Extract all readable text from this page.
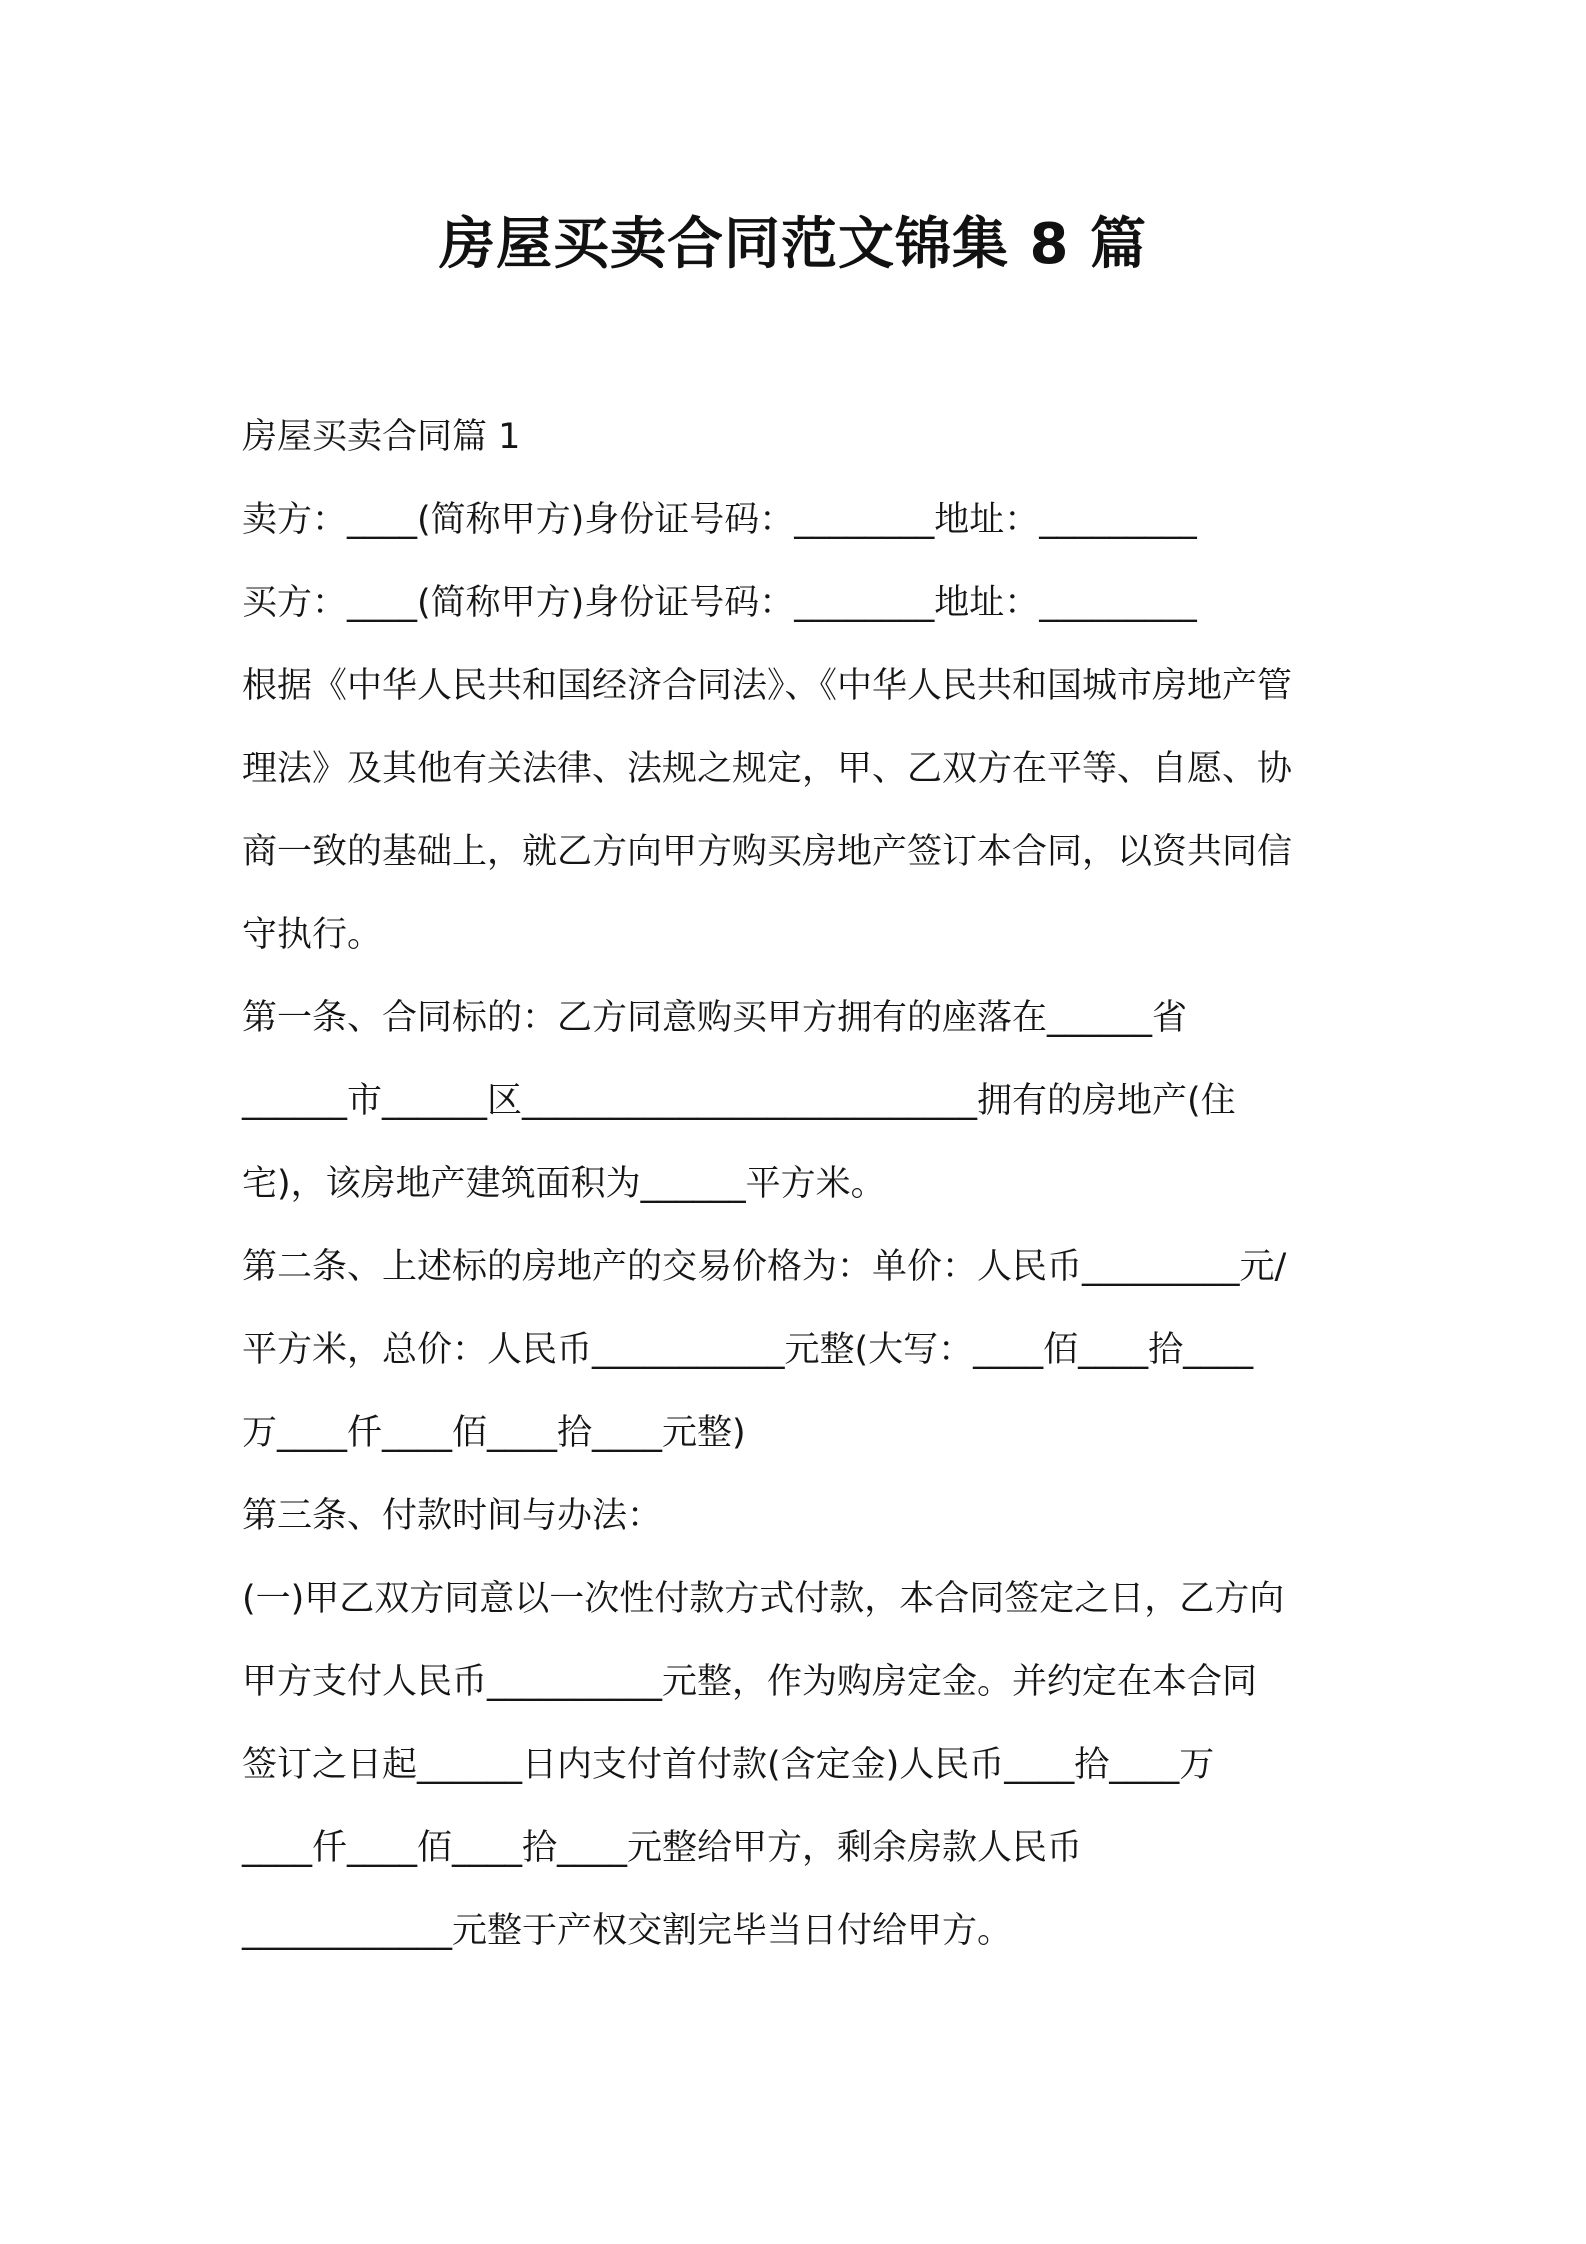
房屋买卖合同范文锦集 8 篇
房屋买卖合同篇 1
卖方：____(简称甲方)身份证号码：________地址：_________
买方：____(简称甲方)身份证号码：________地址：_________
根据《中华人民共和国经济合同法》、《中华人民共和国城市房地产管
理法》及其他有关法律、法规之规定，甲、乙双方在平等、自愿、协
商一致的基础上，就乙方向甲方购买房地产签订本合同，以资共同信
守执行。
第一条、合同标的：乙方同意购买甲方拥有的座落在______省
______市______区__________________________拥有的房地产(住
宅)，该房地产建筑面积为______平方米。
第二条、上述标的房地产的交易价格为：单价：人民币_________元/
平方米，总价：人民币___________元整(大写：____佰____拾____
万____仟____佰____拾____元整)
第三条、付款时间与办法：
(一)甲乙双方同意以一次性付款方式付款，本合同签定之日，乙方向
甲方支付人民币__________元整，作为购房定金。并约定在本合同
签订之日起______日内支付首付款(含定金)人民币____拾____万
____仟____佰____拾____元整给甲方，剩余房款人民币
____________元整于产权交割完毕当日付给甲方。
